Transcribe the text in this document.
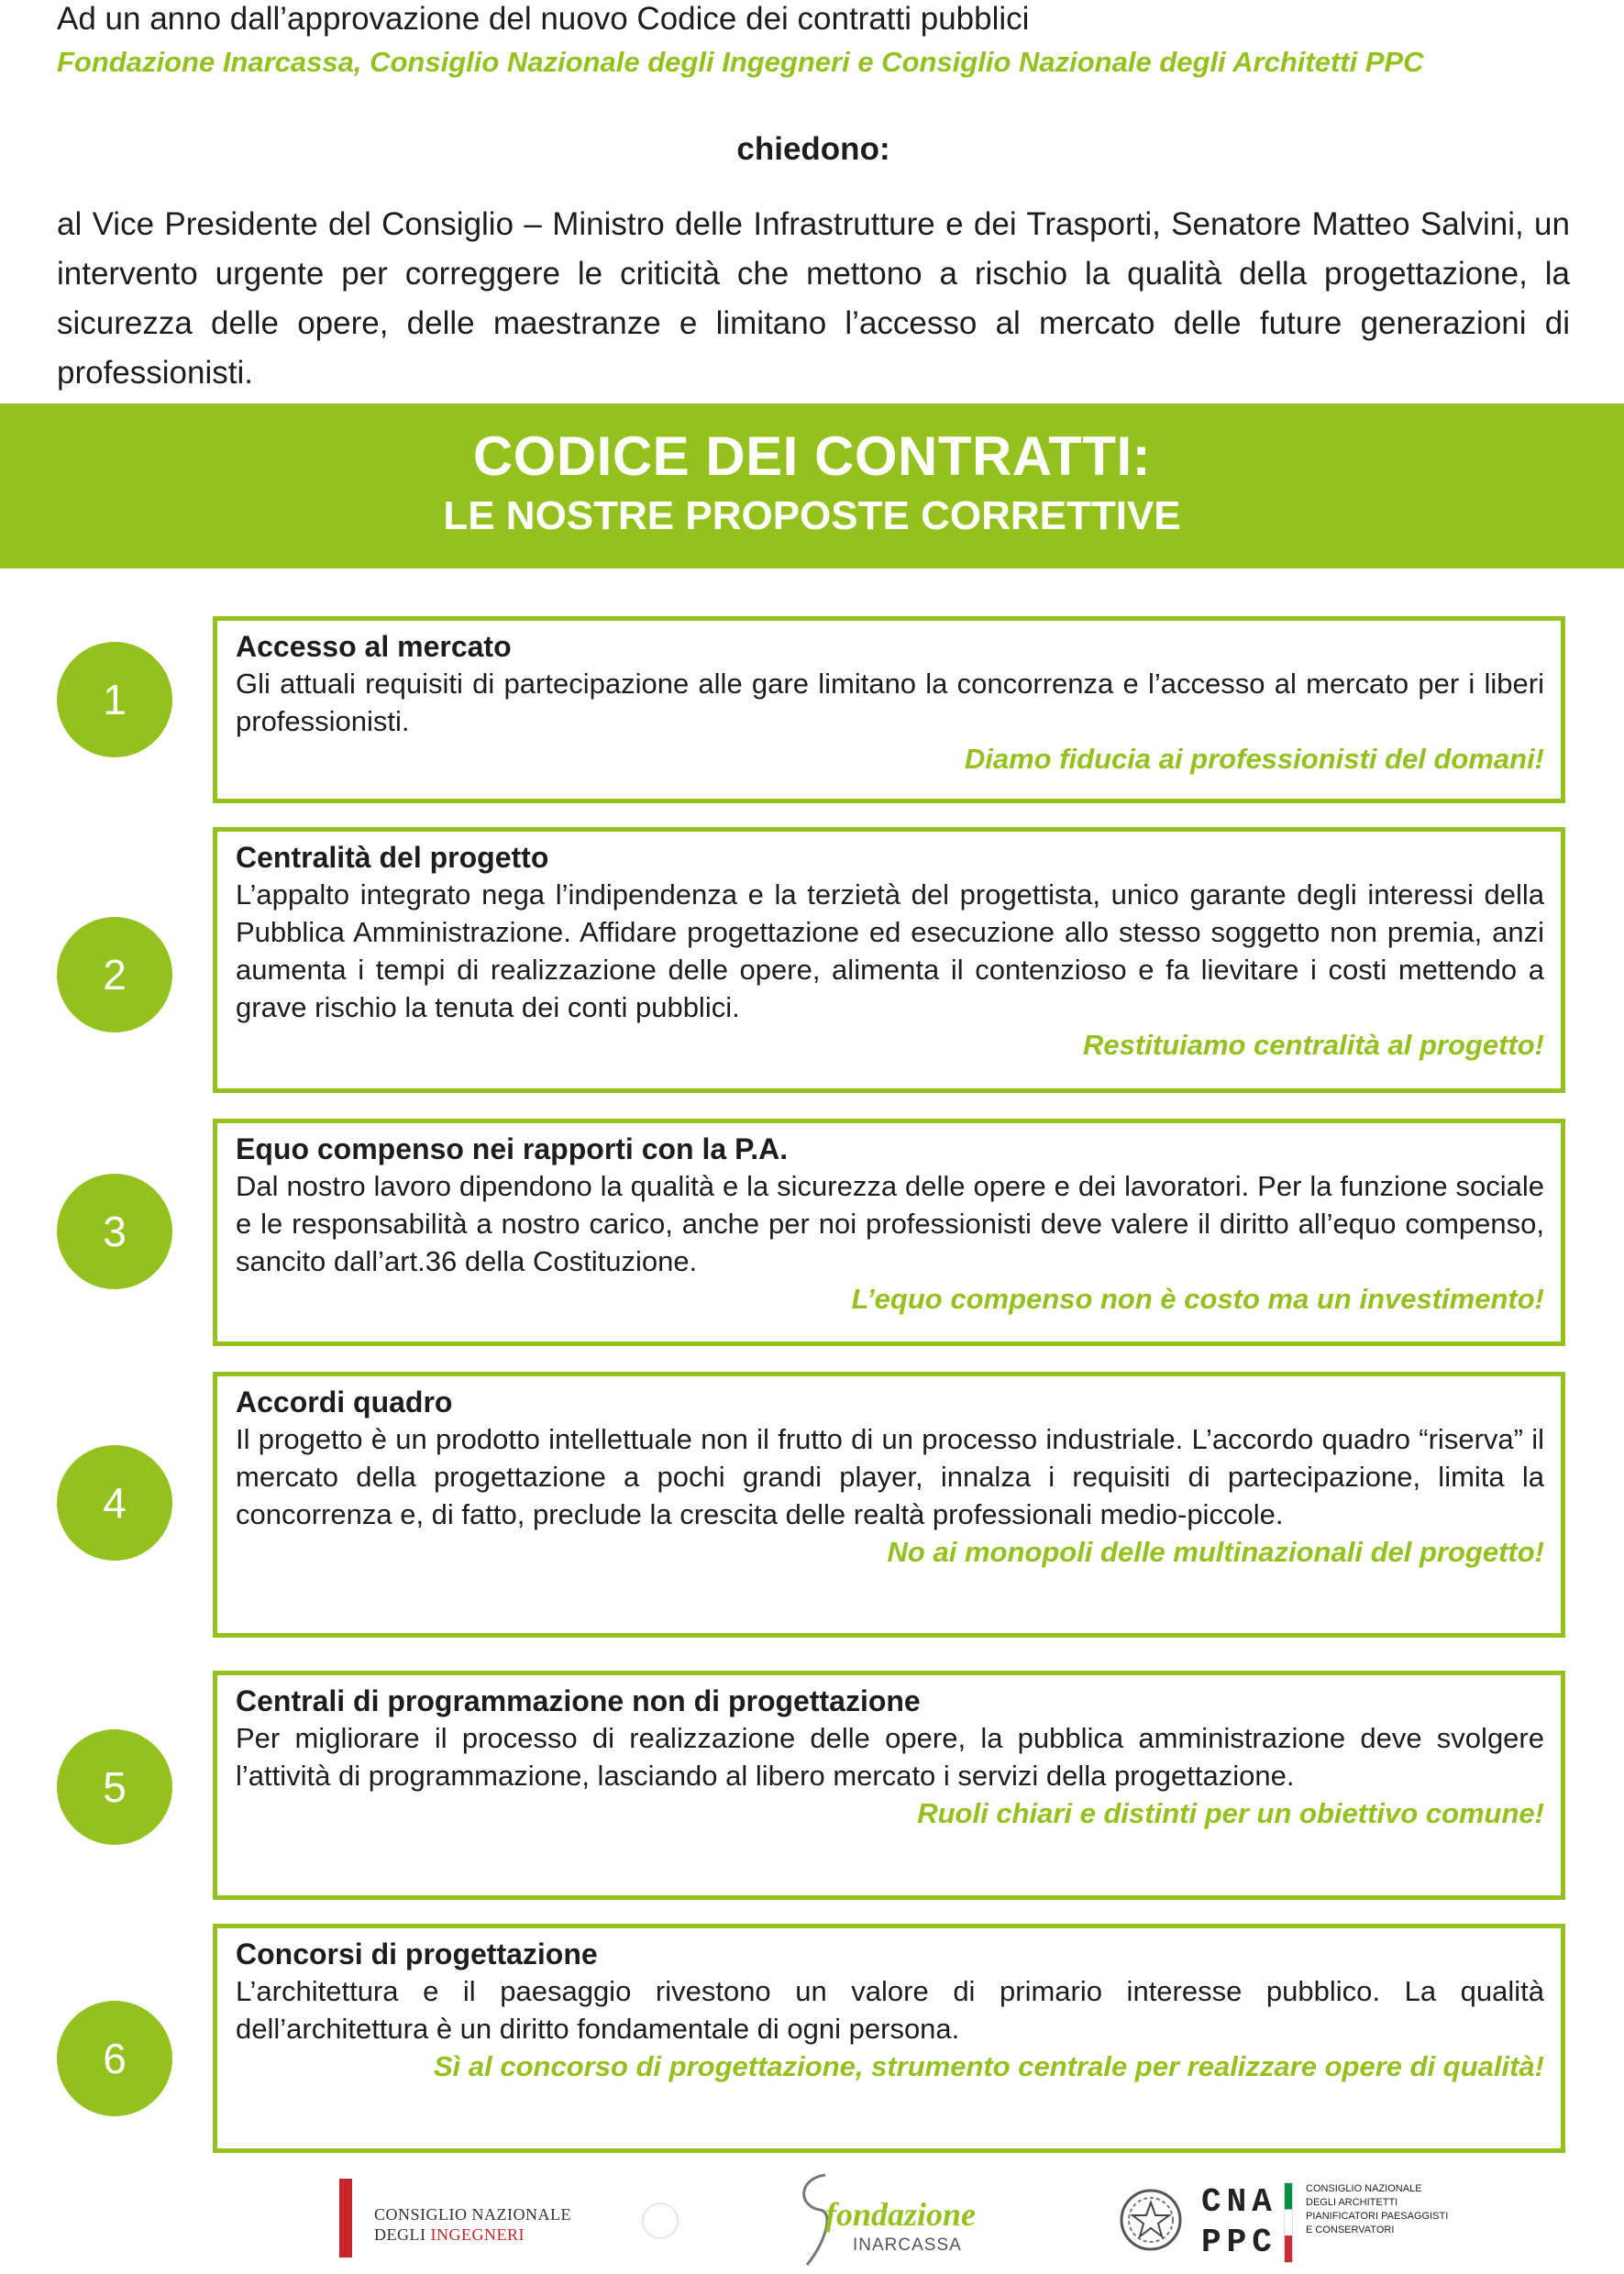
Ad un anno dall’approvazione del nuovo Codice dei contratti pubblici

Fondazione Inarcassa, Consiglio Nazionale degli Ingegneri e Consiglio Nazionale degli Architetti PPC

chiedono:

al Vice Presidente del Consiglio – Ministro delle Infrastrutture e dei Trasporti, Senatore Matteo Salvini, un intervento urgente per correggere le criticità che mettono a rischio la qualità della progettazione, la sicurezza delle opere, delle maestranze e limitano l’accesso al mercato delle future generazioni di professionisti.

CODICE DEI CONTRATTI:

LE NOSTRE PROPOSTE CORRETTIVE

1

Accesso al mercato

Gli attuali requisiti di partecipazione alle gare limitano la concorrenza e l’accesso al mercato per i liberi professionisti.

Diamo fiducia ai professionisti del domani!

2

Centralità del progetto

L’appalto integrato nega l’indipendenza e la terzietà del progettista, unico garante degli interessi della Pubblica Amministrazione. Affidare progettazione ed esecuzione allo stesso soggetto non premia, anzi aumenta i tempi di realizzazione delle opere, alimenta il contenzioso e fa lievitare i costi mettendo a grave rischio la tenuta dei conti pubblici.

Restituiamo centralità al progetto!

3

Equo compenso nei rapporti con la P.A.

Dal nostro lavoro dipendono la qualità e la sicurezza delle opere e dei lavoratori. Per la funzione sociale e le responsabilità a nostro carico, anche per noi professionisti deve valere il diritto all’equo compenso, sancito dall’art.36 della Costituzione.

L’equo compenso non è costo ma un investimento!

4

Accordi quadro

Il progetto è un prodotto intellettuale non il frutto di un processo industriale. L’accordo quadro “riserva” il mercato della progettazione a pochi grandi player, innalza i requisiti di partecipazione, limita la concorrenza e, di fatto, preclude la crescita delle realtà professionali medio-piccole.

No ai monopoli delle multinazionali del progetto!

5

Centrali di programmazione non di progettazione

Per migliorare il processo di realizzazione delle opere, la pubblica amministrazione deve svolgere l’attività di programmazione, lasciando al libero mercato i servizi della progettazione.

Ruoli chiari e distinti per un obiettivo comune!

6

Concorsi di progettazione

L’architettura e il paesaggio rivestono un valore di primario interesse pubblico. La qualità dell’architettura è un diritto fondamentale di ogni persona.

Sì al concorso di progettazione, strumento centrale per realizzare opere di qualità!

CONSIGLIO NAZIONALE
DEGLI INGEGNERI
fondazione
INARCASSA
CNA PPC
CONSIGLIO NAZIONALE DEGLI ARCHITETTI PIANIFICATORI PAESAGGISTI E CONSERVATORI
